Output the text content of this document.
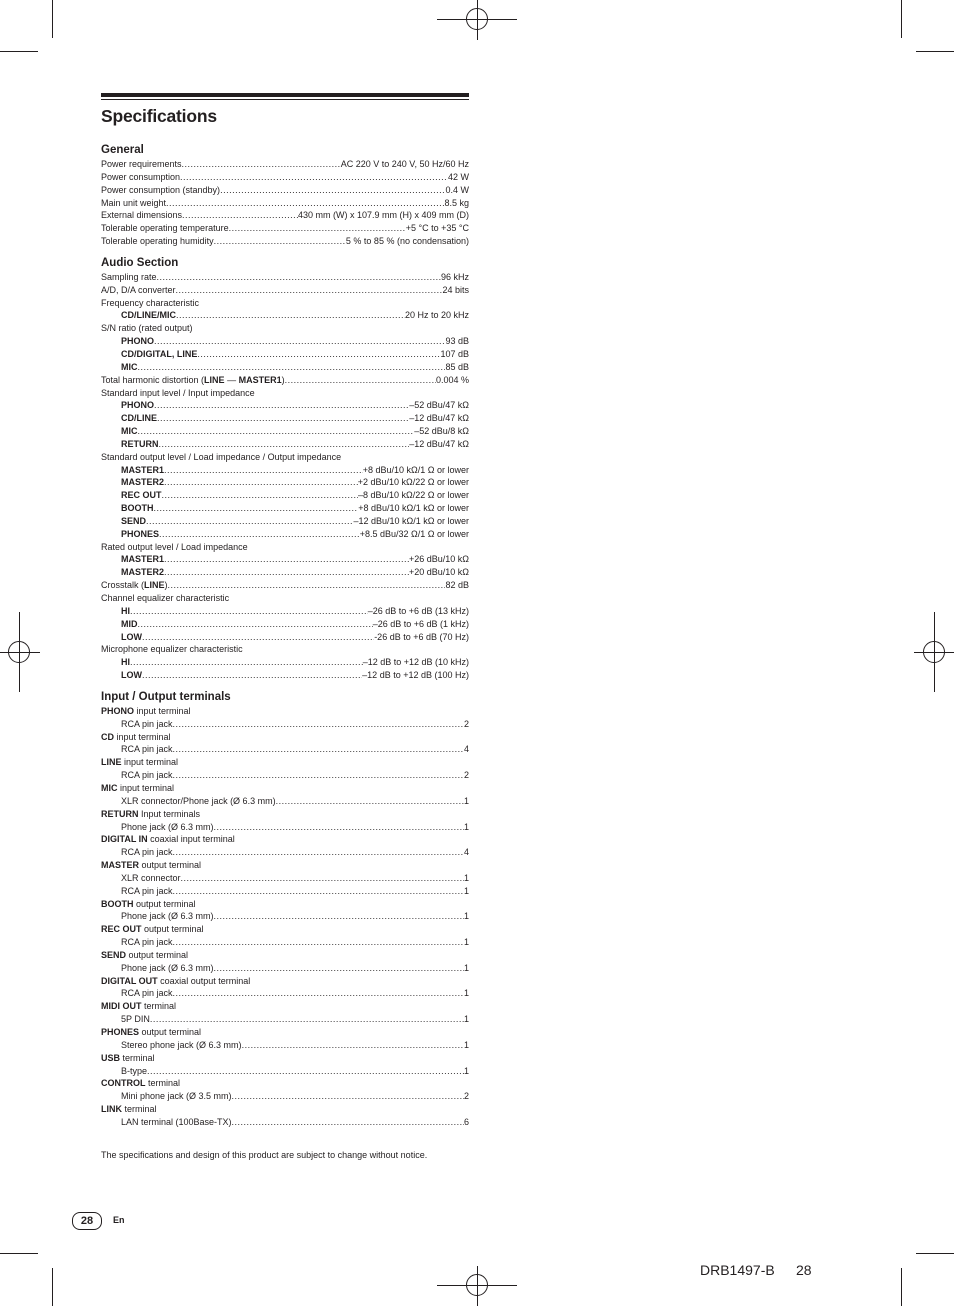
Specifications
General
Power requirements .....	AC 220 V to 240 V, 50 Hz/60 Hz
Power consumption .....	42 W
Power consumption (standby) .....	0.4 W
Main unit weight .....	8.5 kg
External dimensions .....	430 mm (W) x 107.9 mm (H) x 409 mm (D)
Tolerable operating temperature .....	+5 °C to +35 °C
Tolerable operating humidity .....	5 % to 85 % (no condensation)
Audio Section
Sampling rate .....	96 kHz
A/D, D/A converter .....	24 bits
Frequency characteristic
CD/LINE/MIC .....	20 Hz to 20 kHz
S/N ratio (rated output)
PHONO .....	93 dB
CD/DIGITAL, LINE .....	107 dB
MIC .....	85 dB
Total harmonic distortion (LINE — MASTER1) .....	0.004 %
Standard input level / Input impedance
PHONO .....	–52 dBu/47 kΩ
CD/LINE .....	–12 dBu/47 kΩ
MIC .....	–52 dBu/8 kΩ
RETURN .....	–12 dBu/47 kΩ
Standard output level / Load impedance / Output impedance
MASTER1 .....	+8 dBu/10 kΩ/1 Ω or lower
MASTER2 .....	+2 dBu/10 kΩ/22 Ω or lower
REC OUT .....	–8 dBu/10 kΩ/22 Ω or lower
BOOTH .....	+8 dBu/10 kΩ/1 kΩ or lower
SEND .....	–12 dBu/10 kΩ/1 kΩ or lower
PHONES .....	+8.5 dBu/32 Ω/1 Ω or lower
Rated output level / Load impedance
MASTER1 .....	+26 dBu/10 kΩ
MASTER2 .....	+20 dBu/10 kΩ
Crosstalk (LINE) .....	82 dB
Channel equalizer characteristic
HI .....	–26 dB to +6 dB (13 kHz)
MID .....	–26 dB to +6 dB (1 kHz)
LOW .....	-26 dB to +6 dB (70 Hz)
Microphone equalizer characteristic
HI .....	–12 dB to +12 dB (10 kHz)
LOW .....	–12 dB to +12 dB (100 Hz)
Input / Output terminals
PHONO input terminal
RCA pin jack .....	2
CD input terminal
RCA pin jack .....	4
LINE input terminal
RCA pin jack .....	2
MIC input terminal
XLR connector/Phone jack (Ø 6.3 mm) .....	1
RETURN Input terminals
Phone jack (Ø 6.3 mm) .....	1
DIGITAL IN coaxial input terminal
RCA pin jack .....	4
MASTER output terminal
XLR connector .....	1
RCA pin jack .....	1
BOOTH output terminal
Phone jack (Ø 6.3 mm) .....	1
REC OUT output terminal
RCA pin jack .....	1
SEND output terminal
Phone jack (Ø 6.3 mm) .....	1
DIGITAL OUT coaxial output terminal
RCA pin jack .....	1
MIDI OUT terminal
5P DIN .....	1
PHONES output terminal
Stereo phone jack (Ø 6.3 mm) .....	1
USB terminal
B-type .....	1
CONTROL terminal
Mini phone jack (Ø 3.5 mm) .....	2
LINK terminal
LAN terminal (100Base-TX) .....	6
The specifications and design of this product are subject to change without notice.
28	En
DRB1497-B 28
